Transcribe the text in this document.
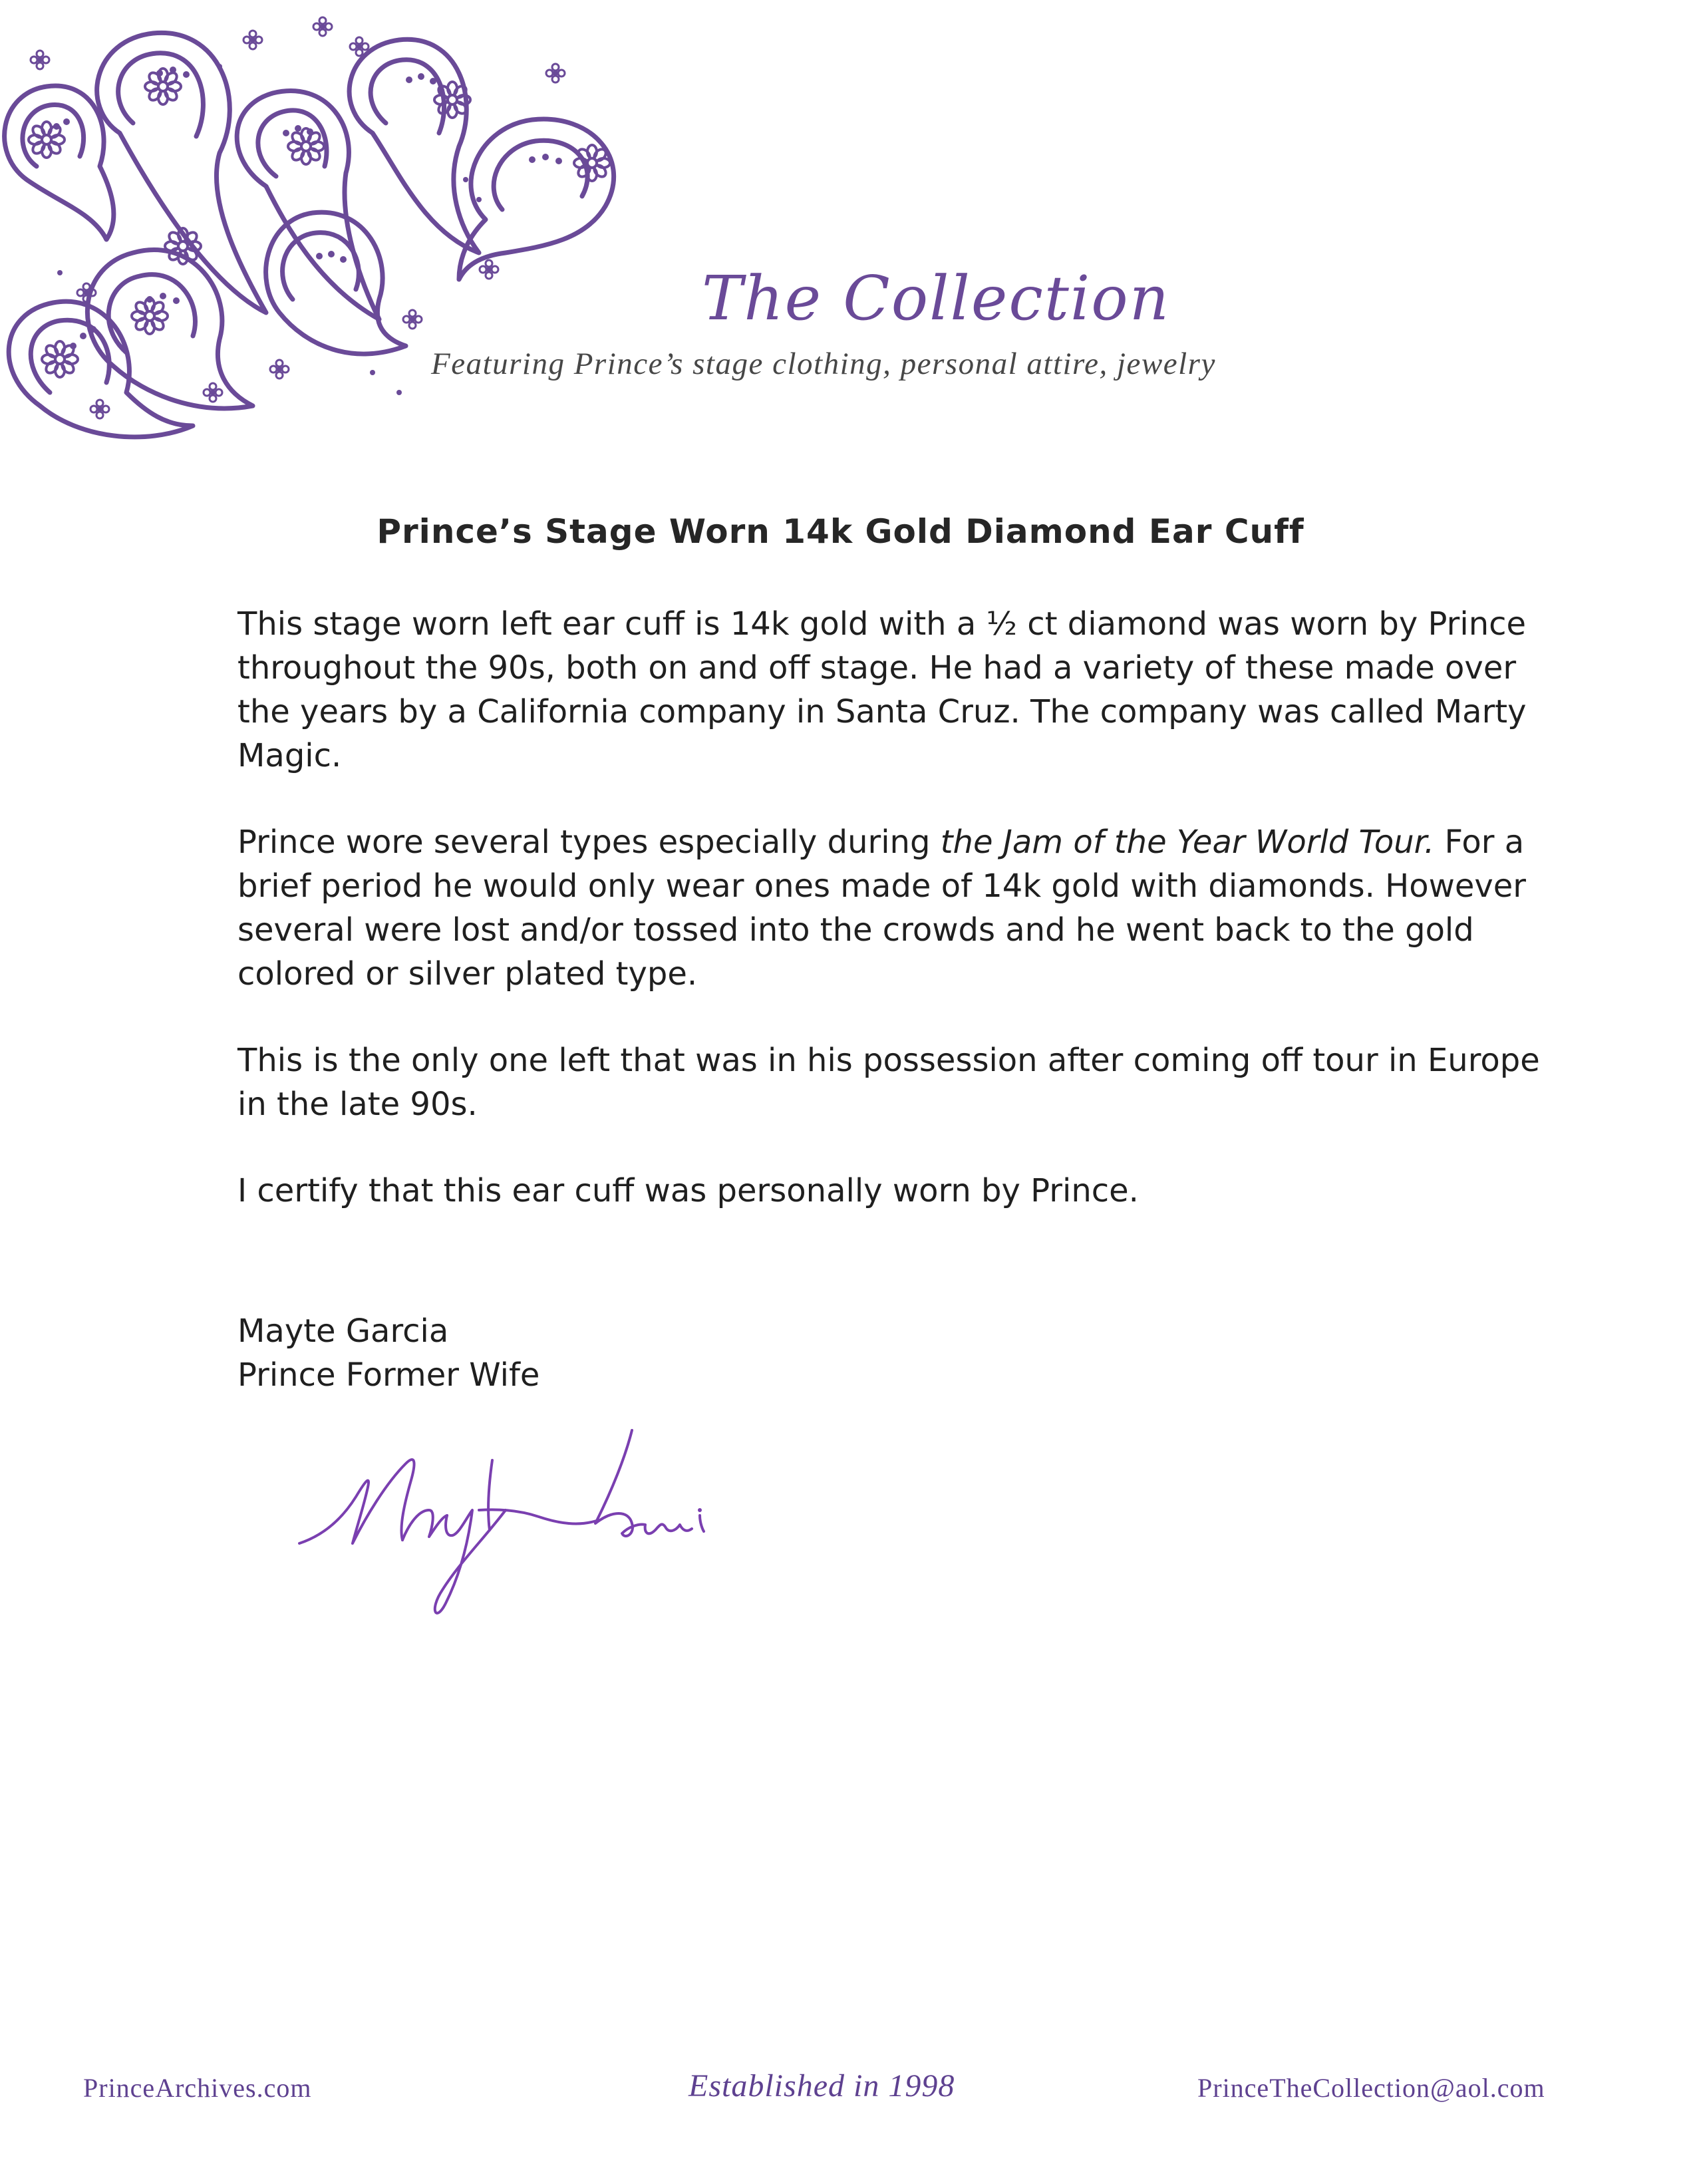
The Collection

Featuring Prince’s stage clothing, personal attire, jewelry

Prince’s Stage Worn 14k Gold Diamond Ear Cuff

This stage worn left ear cuff is 14k gold with a ½ ct diamond was worn by Prince throughout the 90s, both on and off stage. He had a variety of these made over the years by a California company in Santa Cruz. The company was called Marty Magic.

Prince wore several types especially during the Jam of the Year World Tour. For a brief period he would only wear ones made of 14k gold with diamonds. However several were lost and/or tossed into the crowds and he went back to the gold colored or silver plated type.

This is the only one left that was in his possession after coming off tour in Europe in the late 90s.

I certify that this ear cuff was personally worn by Prince.

Mayte Garcia
Prince Former Wife
PrinceArchives.com	Established in 1998	PrinceTheCollection@aol.com
